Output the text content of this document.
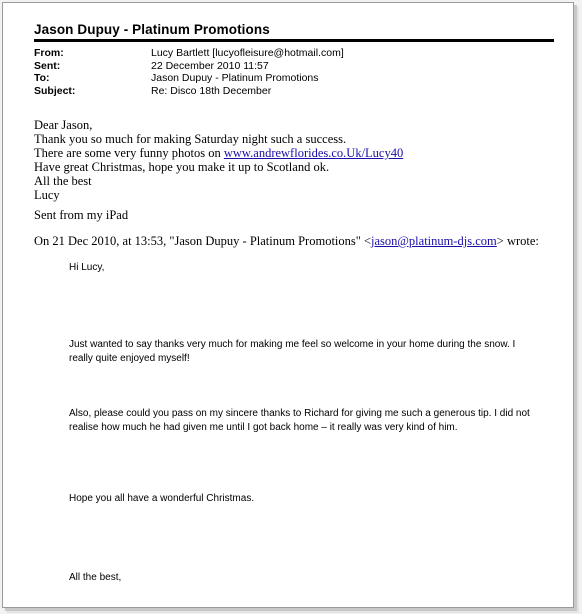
Jason Dupuy - Platinum Promotions
From:	Lucy Bartlett [lucyofleisure@hotmail.com]
Sent:	22 December 2010 11:57
To:	Jason Dupuy - Platinum Promotions
Subject:	Re: Disco 18th December
Dear Jason,
Thank you so much for making Saturday night such a success.
There are some very funny photos on www.andrewflorides.co.Uk/Lucy40
Have great Christmas, hope you make it up to Scotland ok.
All the best
Lucy
Sent from my iPad
On 21 Dec 2010, at 13:53, "Jason Dupuy - Platinum Promotions" <jason@platinum-djs.com> wrote:
Hi Lucy,
Just wanted to say thanks very much for making me feel so welcome in your home during the snow. I
really quite enjoyed myself!
Also, please could you pass on my sincere thanks to Richard for giving me such a generous tip. I did not
realise how much he had given me until I got back home – it really was very kind of him.
Hope you all have a wonderful Christmas.
All the best,
